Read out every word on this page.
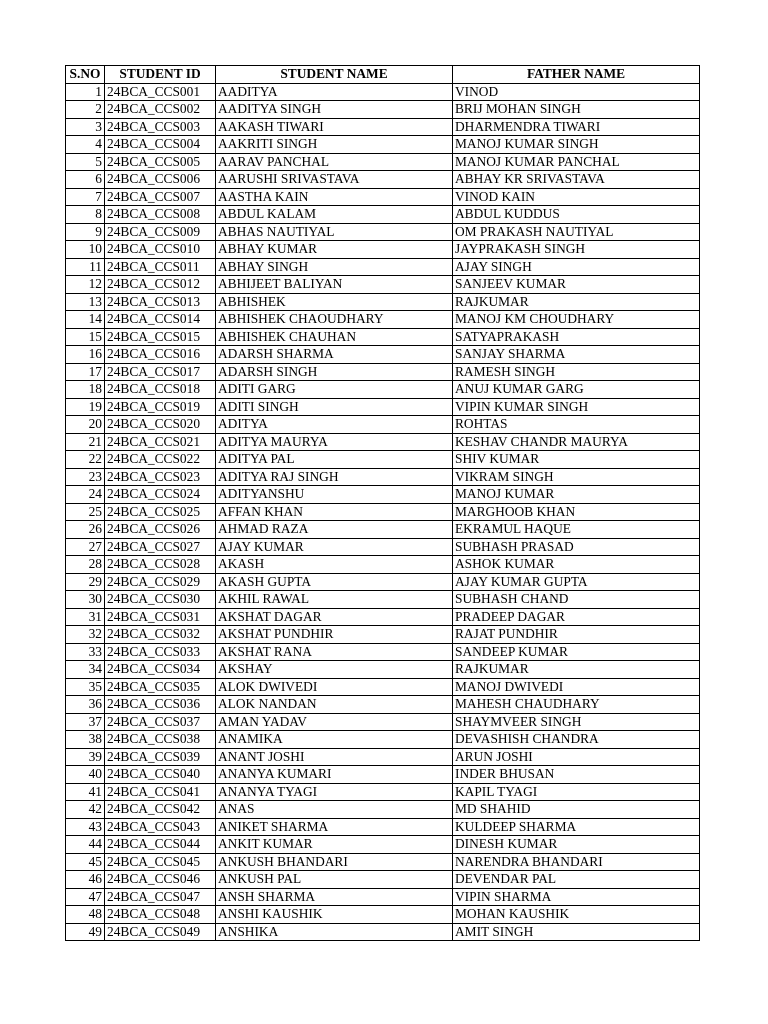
S.NO	STUDENT ID	STUDENT NAME	FATHER NAME
1	24BCA_CCS001	AADITYA	VINOD
2	24BCA_CCS002	AADITYA SINGH	BRIJ MOHAN SINGH
3	24BCA_CCS003	AAKASH TIWARI	DHARMENDRA TIWARI
4	24BCA_CCS004	AAKRITI SINGH	MANOJ KUMAR SINGH
5	24BCA_CCS005	AARAV PANCHAL	MANOJ KUMAR PANCHAL
6	24BCA_CCS006	AARUSHI SRIVASTAVA	ABHAY KR SRIVASTAVA
7	24BCA_CCS007	AASTHA KAIN	VINOD KAIN
8	24BCA_CCS008	ABDUL KALAM	ABDUL KUDDUS
9	24BCA_CCS009	ABHAS NAUTIYAL	OM PRAKASH NAUTIYAL
10	24BCA_CCS010	ABHAY KUMAR	JAYPRAKASH SINGH
11	24BCA_CCS011	ABHAY SINGH	AJAY SINGH
12	24BCA_CCS012	ABHIJEET BALIYAN	SANJEEV KUMAR
13	24BCA_CCS013	ABHISHEK	RAJKUMAR
14	24BCA_CCS014	ABHISHEK CHAOUDHARY	MANOJ KM CHOUDHARY
15	24BCA_CCS015	ABHISHEK CHAUHAN	SATYAPRAKASH
16	24BCA_CCS016	ADARSH SHARMA	SANJAY SHARMA
17	24BCA_CCS017	ADARSH SINGH	RAMESH SINGH
18	24BCA_CCS018	ADITI GARG	ANUJ KUMAR GARG
19	24BCA_CCS019	ADITI SINGH	VIPIN KUMAR SINGH
20	24BCA_CCS020	ADITYA	ROHTAS
21	24BCA_CCS021	ADITYA MAURYA	KESHAV CHANDR MAURYA
22	24BCA_CCS022	ADITYA PAL	SHIV KUMAR
23	24BCA_CCS023	ADITYA RAJ SINGH	VIKRAM SINGH
24	24BCA_CCS024	ADITYANSHU	MANOJ KUMAR
25	24BCA_CCS025	AFFAN KHAN	MARGHOOB KHAN
26	24BCA_CCS026	AHMAD RAZA	EKRAMUL HAQUE
27	24BCA_CCS027	AJAY KUMAR	SUBHASH PRASAD
28	24BCA_CCS028	AKASH	ASHOK KUMAR
29	24BCA_CCS029	AKASH GUPTA	AJAY KUMAR GUPTA
30	24BCA_CCS030	AKHIL RAWAL	SUBHASH CHAND
31	24BCA_CCS031	AKSHAT DAGAR	PRADEEP DAGAR
32	24BCA_CCS032	AKSHAT PUNDHIR	RAJAT PUNDHIR
33	24BCA_CCS033	AKSHAT RANA	SANDEEP KUMAR
34	24BCA_CCS034	AKSHAY	RAJKUMAR
35	24BCA_CCS035	ALOK DWIVEDI	MANOJ DWIVEDI
36	24BCA_CCS036	ALOK NANDAN	MAHESH CHAUDHARY
37	24BCA_CCS037	AMAN YADAV	SHAYMVEER SINGH
38	24BCA_CCS038	ANAMIKA	DEVASHISH CHANDRA
39	24BCA_CCS039	ANANT JOSHI	ARUN JOSHI
40	24BCA_CCS040	ANANYA KUMARI	INDER BHUSAN
41	24BCA_CCS041	ANANYA TYAGI	KAPIL TYAGI
42	24BCA_CCS042	ANAS	MD SHAHID
43	24BCA_CCS043	ANIKET SHARMA	KULDEEP SHARMA
44	24BCA_CCS044	ANKIT KUMAR	DINESH KUMAR
45	24BCA_CCS045	ANKUSH BHANDARI	NARENDRA BHANDARI
46	24BCA_CCS046	ANKUSH PAL	DEVENDAR PAL
47	24BCA_CCS047	ANSH SHARMA	VIPIN SHARMA
48	24BCA_CCS048	ANSHI KAUSHIK	MOHAN KAUSHIK
49	24BCA_CCS049	ANSHIKA	AMIT SINGH
